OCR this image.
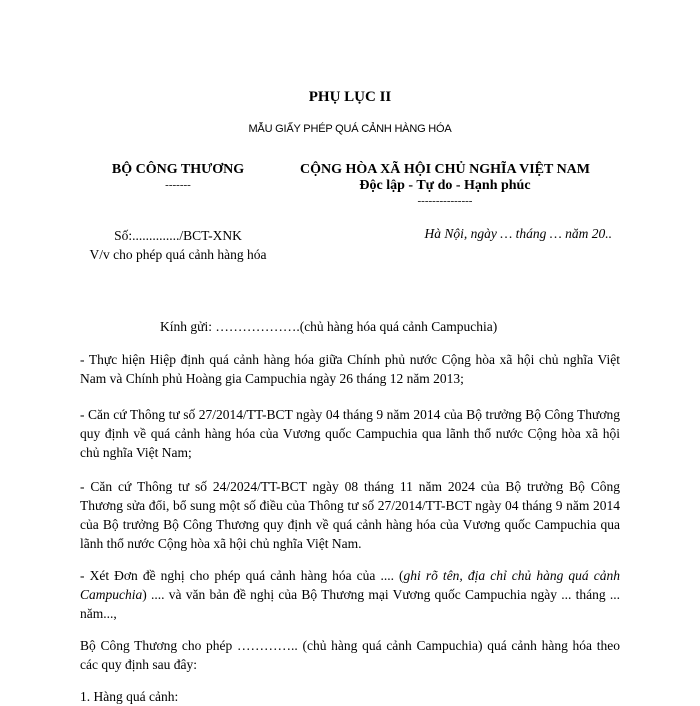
PHỤ LỤC II
MẪU GIẤY PHÉP QUÁ CẢNH HÀNG HÓA
BỘ CÔNG THƯƠNG
-------
CỘNG HÒA XÃ HỘI CHỦ NGHĨA VIỆT NAM
Độc lập - Tự do - Hạnh phúc
---------------
Số:............../BCT-XNK
V/v cho phép quá cảnh hàng hóa
Hà Nội, ngày … tháng … năm 20..
Kính gửi: ……………….(chủ hàng hóa quá cảnh Campuchia)
- Thực hiện Hiệp định quá cảnh hàng hóa giữa Chính phủ nước Cộng hòa xã hội chủ nghĩa Việt Nam và Chính phủ Hoàng gia Campuchia ngày 26 tháng 12 năm 2013;
- Căn cứ Thông tư số 27/2014/TT-BCT ngày 04 tháng 9 năm 2014 của Bộ trưởng Bộ Công Thương quy định về quá cảnh hàng hóa của Vương quốc Campuchia qua lãnh thổ nước Cộng hòa xã hội chủ nghĩa Việt Nam;
- Căn cứ Thông tư số 24/2024/TT-BCT ngày 08 tháng 11 năm 2024 của Bộ trưởng Bộ Công Thương sửa đổi, bổ sung một số điều của Thông tư số 27/2014/TT-BCT ngày 04 tháng 9 năm 2014 của Bộ trưởng Bộ Công Thương quy định về quá cảnh hàng hóa của Vương quốc Campuchia qua lãnh thổ nước Cộng hòa xã hội chủ nghĩa Việt Nam.
- Xét Đơn đề nghị cho phép quá cảnh hàng hóa của .... (ghi rõ tên, địa chỉ chủ hàng quá cảnh Campuchia) .... và văn bản đề nghị của Bộ Thương mại Vương quốc Campuchia ngày ... tháng ... năm...,
Bộ Công Thương cho phép ………….. (chủ hàng quá cảnh Campuchia) quá cảnh hàng hóa theo các quy định sau đây:
1. Hàng quá cảnh:
